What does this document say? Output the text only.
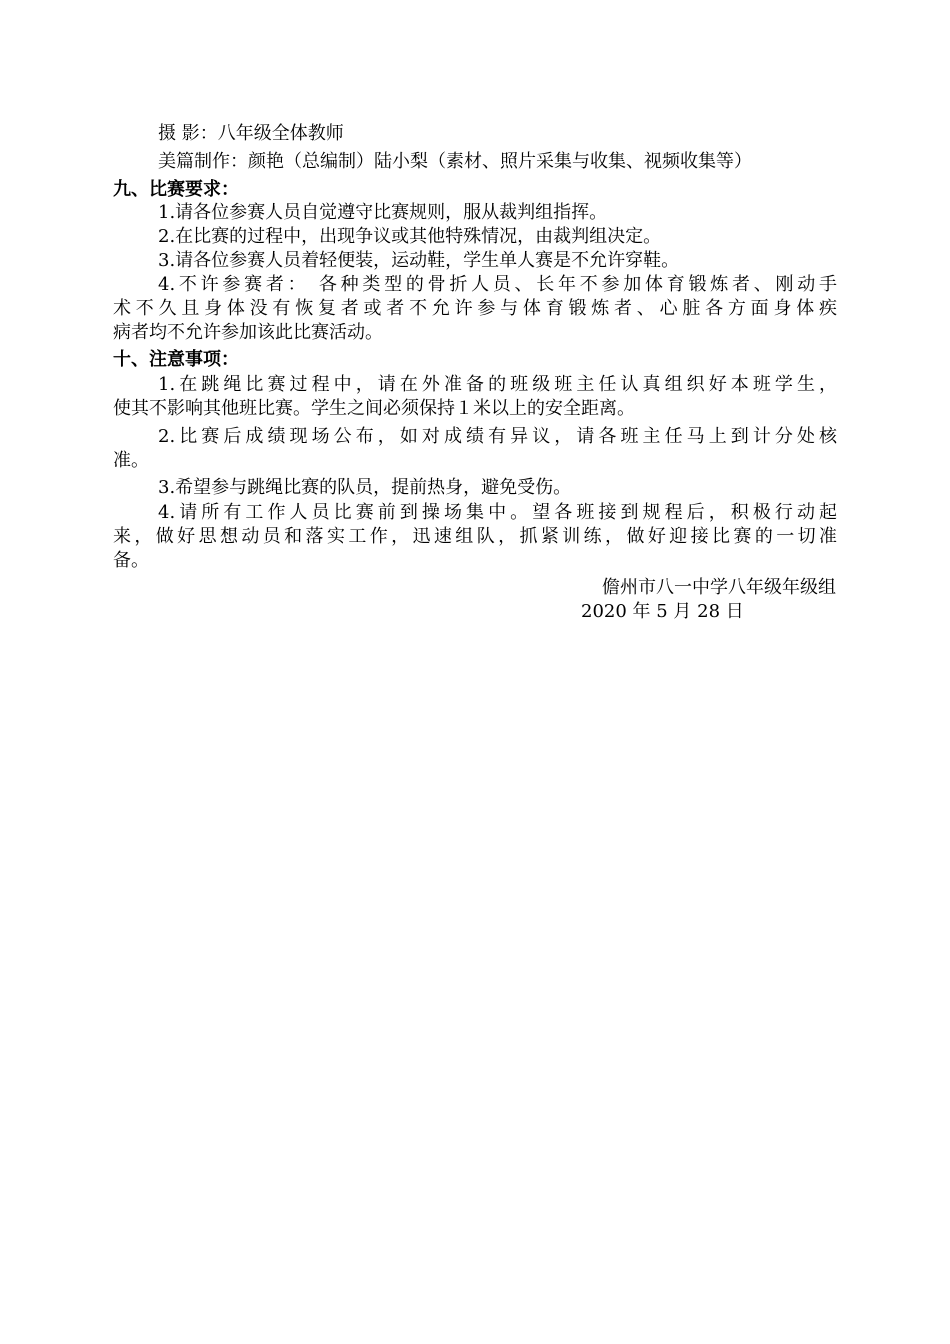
摄 影：八年级全体教师
美篇制作：颜艳（总编制）陆小梨（素材、照片采集与收集、视频收集等）
九、比赛要求：
1.请各位参赛人员自觉遵守比赛规则，服从裁判组指挥。
2.在比赛的过程中，出现争议或其他特殊情况，由裁判组决定。
3.请各位参赛人员着轻便装，运动鞋，学生单人赛是不允许穿鞋。
4.不许参赛者： 各种类型的骨折人员、长年不参加体育锻炼者、刚动手
术不久且身体没有恢复者或者不允许参与体育锻炼者、心脏各方面身体疾
病者均不允许参加该此比赛活动。
十、注意事项：
1.在跳绳比赛过程中，请在外准备的班级班主任认真组织好本班学生，
使其不影响其他班比赛。学生之间必须保持１米以上的安全距离。
2.比赛后成绩现场公布，如对成绩有异议，请各班主任马上到计分处核
准。
3.希望参与跳绳比赛的队员，提前热身，避免受伤。
4.请所有工作人员比赛前到操场集中。望各班接到规程后，积极行动起
来，做好思想动员和落实工作，迅速组队，抓紧训练，做好迎接比赛的一切准
备。
儋州市八一中学八年级年级组
2020 年 5 月 28 日
